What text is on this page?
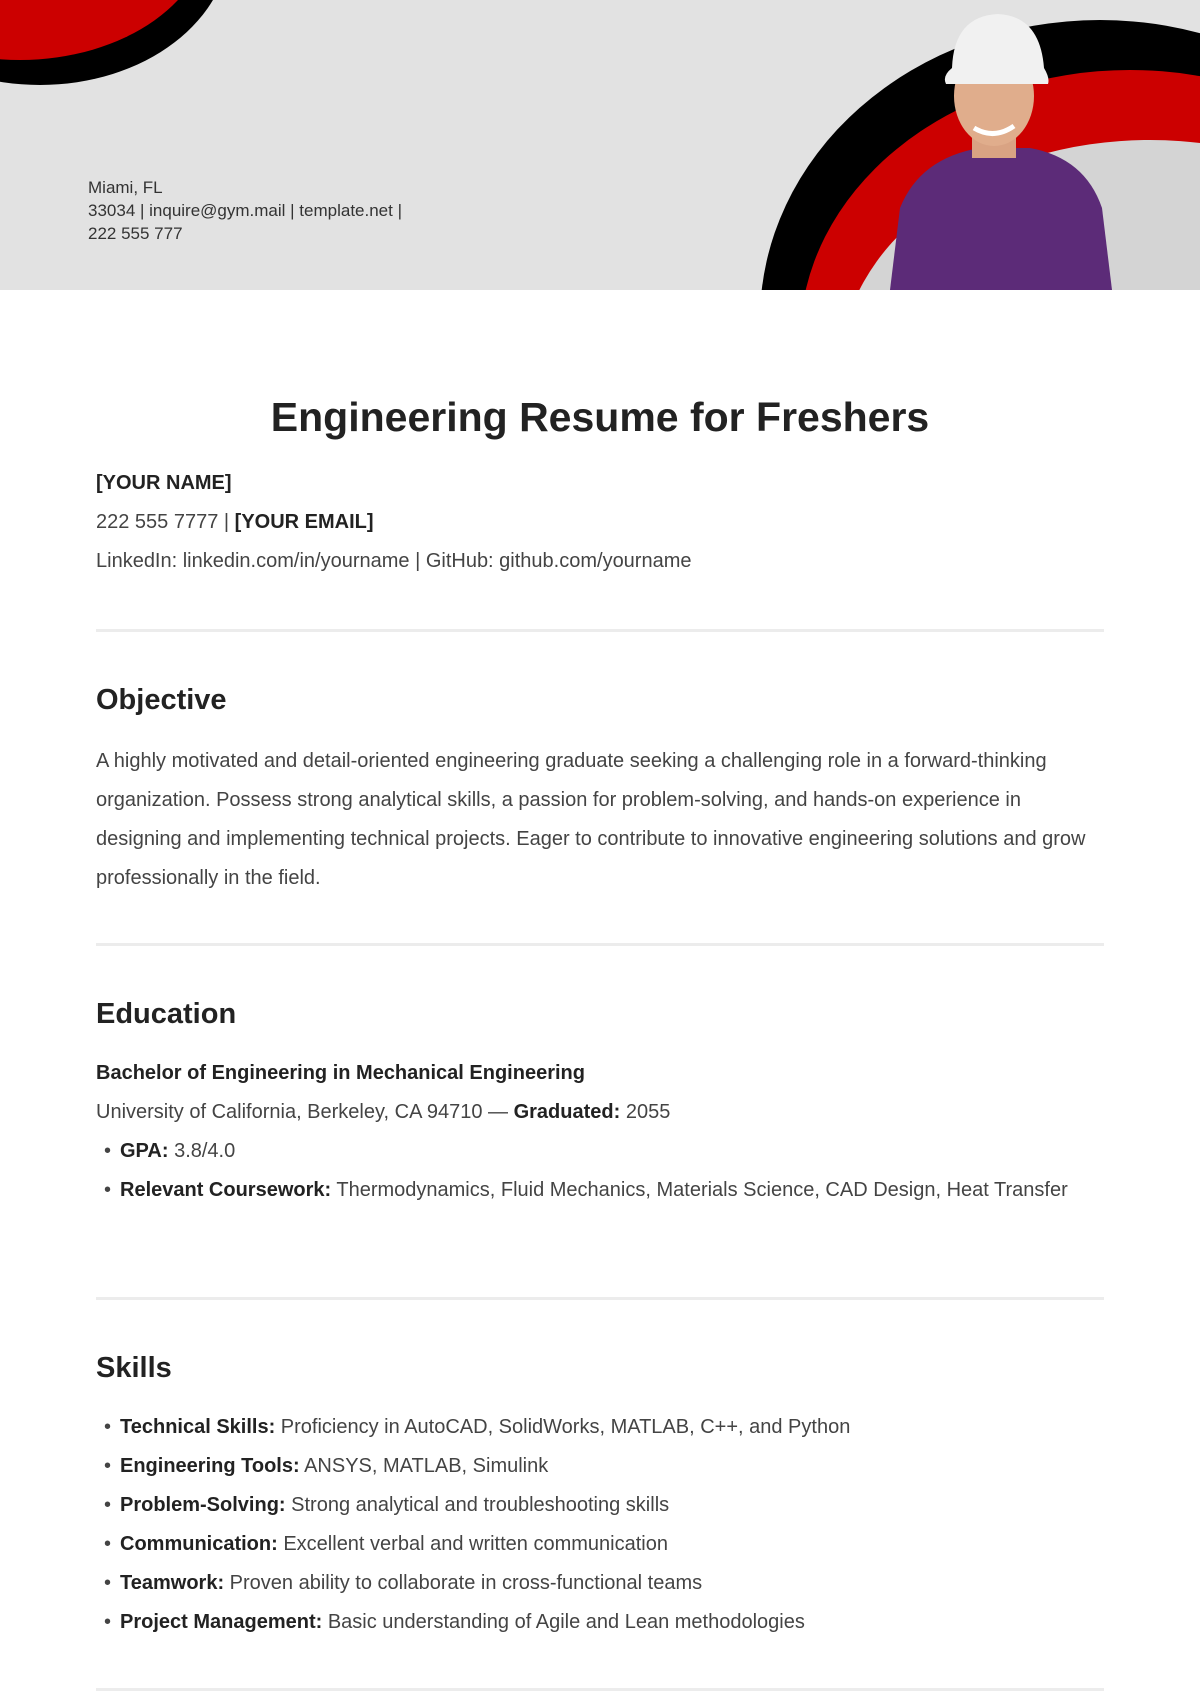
Miami, FL
33034 | inquire@gym.mail | template.net |
222 555 777
Engineering Resume for Freshers
[YOUR NAME]
222 555 7777 | [YOUR EMAIL]
LinkedIn: linkedin.com/in/yourname | GitHub: github.com/yourname
Objective
A highly motivated and detail-oriented engineering graduate seeking a challenging role in a forward-thinking organization. Possess strong analytical skills, a passion for problem-solving, and hands-on experience in designing and implementing technical projects. Eager to contribute to innovative engineering solutions and grow professionally in the field.
Education
Bachelor of Engineering in Mechanical Engineering
University of California, Berkeley, CA 94710 — Graduated: 2055
• GPA: 3.8/4.0
• Relevant Coursework: Thermodynamics, Fluid Mechanics, Materials Science, CAD Design, Heat Transfer
Skills
• Technical Skills: Proficiency in AutoCAD, SolidWorks, MATLAB, C++, and Python
• Engineering Tools: ANSYS, MATLAB, Simulink
• Problem-Solving: Strong analytical and troubleshooting skills
• Communication: Excellent verbal and written communication
• Teamwork: Proven ability to collaborate in cross-functional teams
• Project Management: Basic understanding of Agile and Lean methodologies
